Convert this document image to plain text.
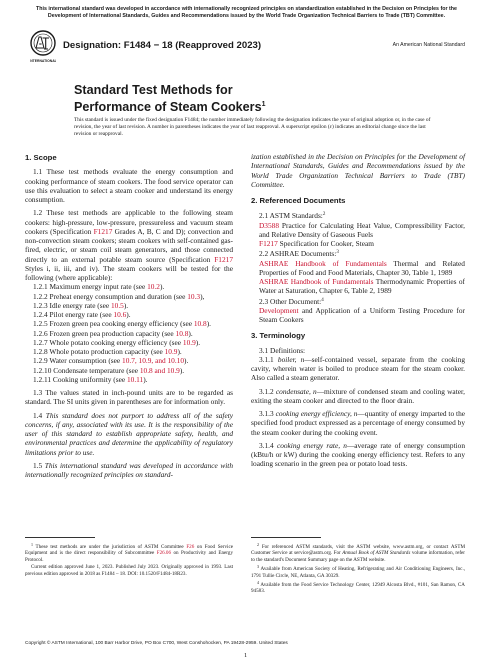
This international standard was developed in accordance with internationally recognized principles on standardization established in the Decision on Principles for the Development of International Standards, Guides and Recommendations issued by the World Trade Organization Technical Barriers to Trade (TBT) Committee.
INTERNATIONAL
Designation: F1484 − 18 (Reapproved 2023)	An American National Standard
Standard Test Methods for
Performance of Steam Cookers$^1$
This standard is issued under the fixed designation F1484; the number immediately following the designation indicates the year of original adoption or, in the case of revision, the year of last revision. A number in parentheses indicates the year of last reapproval. A superscript epsilon (ε) indicates an editorial change since the last revision or reapproval.

1. Scope

1.1 These test methods evaluate the energy consumption and cooking performance of steam cookers. The food service operator can use this evaluation to select a steam cooker and understand its energy consumption.

1.2 These test methods are applicable to the following steam cookers: high-pressure, low-pressure, pressureless and vacuum steam cookers (Specification F1217 Grades A, B, C and D); convection and non-convection steam cookers; steam cookers with self-contained gas-fired, electric, or steam coil steam generators, and those connected directly to an external potable steam source (Specification F1217 Styles i, ii, iii, and iv). The steam cookers will be tested for the following (where applicable):

1.2.1 Maximum energy input rate (see 10.2).

1.2.2 Preheat energy consumption and duration (see 10.3),

1.2.3 Idle energy rate (see 10.5).

1.2.4 Pilot energy rate (see 10.6).

1.2.5 Frozen green pea cooking energy efficiency (see 10.8).

1.2.6 Frozen green pea production capacity (see 10.8).

1.2.7 Whole potato cooking energy efficiency (see 10.9).

1.2.8 Whole potato production capacity (see 10.9).

1.2.9 Water consumption (see 10.7, 10.9, and 10.10).

1.2.10 Condensate temperature (see 10.8 and 10.9).

1.2.11 Cooking uniformity (see 10.11).

1.3 The values stated in inch-pound units are to be regarded as standard. The SI units given in parentheses are for information only.

1.4 This standard does not purport to address all of the safety concerns, if any, associated with its use. It is the responsibility of the user of this standard to establish appropriate safety, health, and environmental practices and determine the applicability of regulatory limitations prior to use.

1.5 This international standard was developed in accordance with internationally recognized principles on standard-

ization established in the Decision on Principles for the Development of International Standards, Guides and Recommendations issued by the World Trade Organization Technical Barriers to Trade (TBT) Committee.

2. Referenced Documents

2.1 ASTM Standards:$^2$

D3588 Practice for Calculating Heat Value, Compressibility Factor, and Relative Density of Gaseous Fuels

F1217 Specification for Cooker, Steam

2.2 ASHRAE Documents:$^3$

ASHRAE Handbook of Fundamentals Thermal and Related Properties of Food and Food Materials, Chapter 30, Table 1, 1989

ASHRAE Handbook of Fundamentals Thermodynamic Properties of Water at Saturation, Chapter 6, Table 2, 1989

2.3 Other Document:$^4$

Development and Application of a Uniform Testing Procedure for Steam Cookers

3. Terminology

3.1 Definitions:

3.1.1 boiler, n—self-contained vessel, separate from the cooking cavity, wherein water is boiled to produce steam for the steam cooker. Also called a steam generator.

3.1.2 condensate, n—mixture of condensed steam and cooling water, exiting the steam cooker and directed to the floor drain.

3.1.3 cooking energy efficiency, n—quantity of energy imparted to the specified food product expressed as a percentage of energy consumed by the steam cooker during the cooking event.

3.1.4 cooking energy rate, n—average rate of energy consumption (kBtu/h or kW) during the cooking energy efficiency test. Refers to any loading scenario in the green pea or potato load tests.

$^1$ These test methods are under the jurisdiction of ASTM Committee F26 on Food Service Equipment and is the direct responsibility of Subcommittee F26.06 on Productivity and Energy Protocol.

Current edition approved June 1, 2023. Published July 2023. Originally approved in 1993. Last previous edition approved in 2018 as F1484 – 18. DOI: 10.1520/F1484-18R23.

$^2$ For referenced ASTM standards, visit the ASTM website, www.astm.org, or contact ASTM Customer Service at service@astm.org. For Annual Book of ASTM Standards volume information, refer to the standard's Document Summary page on the ASTM website.

$^3$ Available from American Society of Heating, Refrigerating and Air Conditioning Engineers, Inc., 1791 Tullie Circle, NE, Atlanta, GA 30329.

$^4$ Available from the Food Service Technology Center, 12949 Alcosta Blvd., #101, San Ramon, CA 94583.

Copyright © ASTM International, 100 Barr Harbor Drive, PO Box C700, West Conshohocken, PA 19428-2959. United States
1
